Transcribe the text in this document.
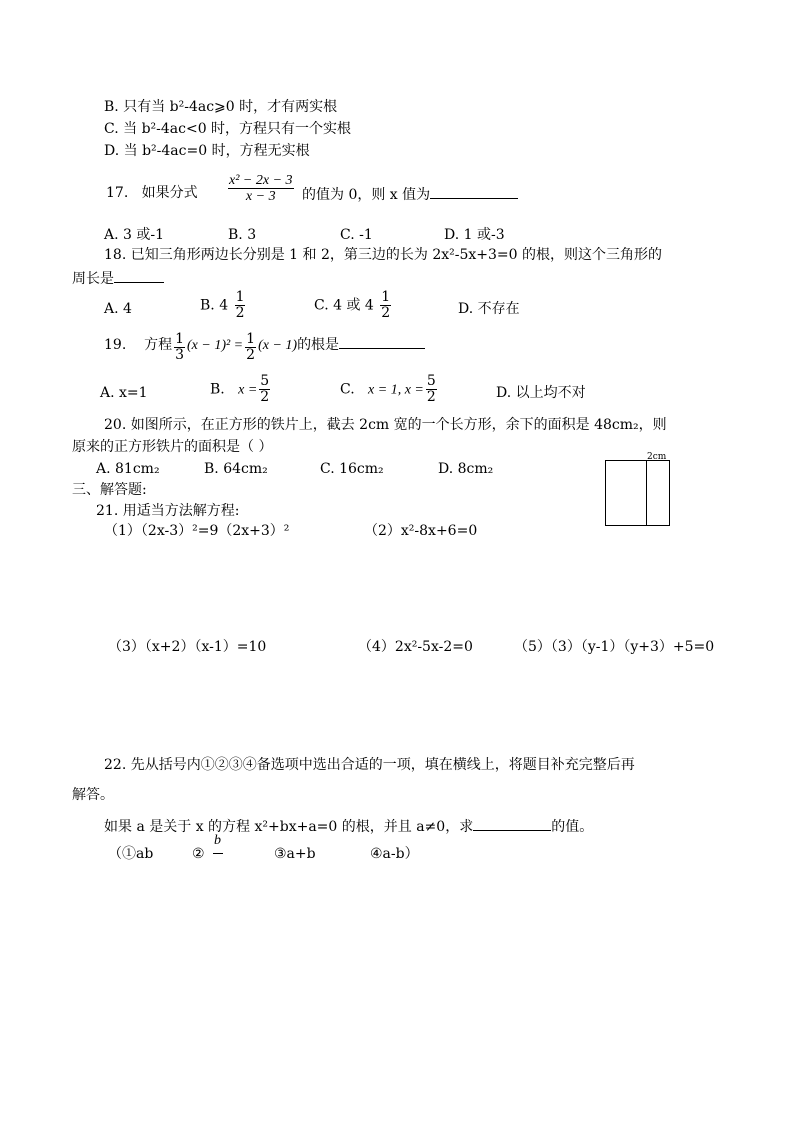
B. 只有当 b²-4ac⩾0 时，才有两实根
C. 当 b²-4ac<0 时，方程只有一个实根
D. 当 b²-4ac=0 时，方程无实根
17. 如果分式	$\frac{\text{x² − 2x − 3}}{x - 3}$ 的值为 0，则 x 值为
A. 3 或-1	B. 3	C. -1	D. 1 或-3
18. 已知三角形两边长分别是 1 和 2，第三边的长为 2x²-5x+3=0 的根，则这个三角形的
周长是
A. 4	B. $4 \frac{1}{2}$	C. 4 或 $4 \frac{1}{2}$	D. 不存在
19. 方程 $\frac{1}{3} (x - 1)^2 = \frac{1}{2} (x - 1)$的根是
A. x=1	B. $x = \frac{5}{2}$	C. x = 1, $x = \frac{5}{2}$	D. 以上均不对
20. 如图所示，在正方形的铁片上，截去 2cm 宽的一个长方形，余下的面积是 48cm₂，则
原来的正方形铁片的面积是（ ）
A. 81cm₂	B. 64cm₂	C. 16cm₂	D. 8cm₂
2cm
三、解答题:
21. 用适当方法解方程:
（1）（2x-3）²=9（2x+3）²	（2）x²-8x+6=0
（3）（x+2）（x-1）=10	（4）2x²-5x-2=0	（5）（3）（y-1）（y+3）+5=0
22. 先从括号内①②③④备选项中选出合适的一项，填在横线上，将题目补充完整后再
解答。
如果 a 是关于 x 的方程 x²+bx+a=0 的根，并且 a≠0，求	的值。
（①ab	②
b
③a+b	④a-b）
